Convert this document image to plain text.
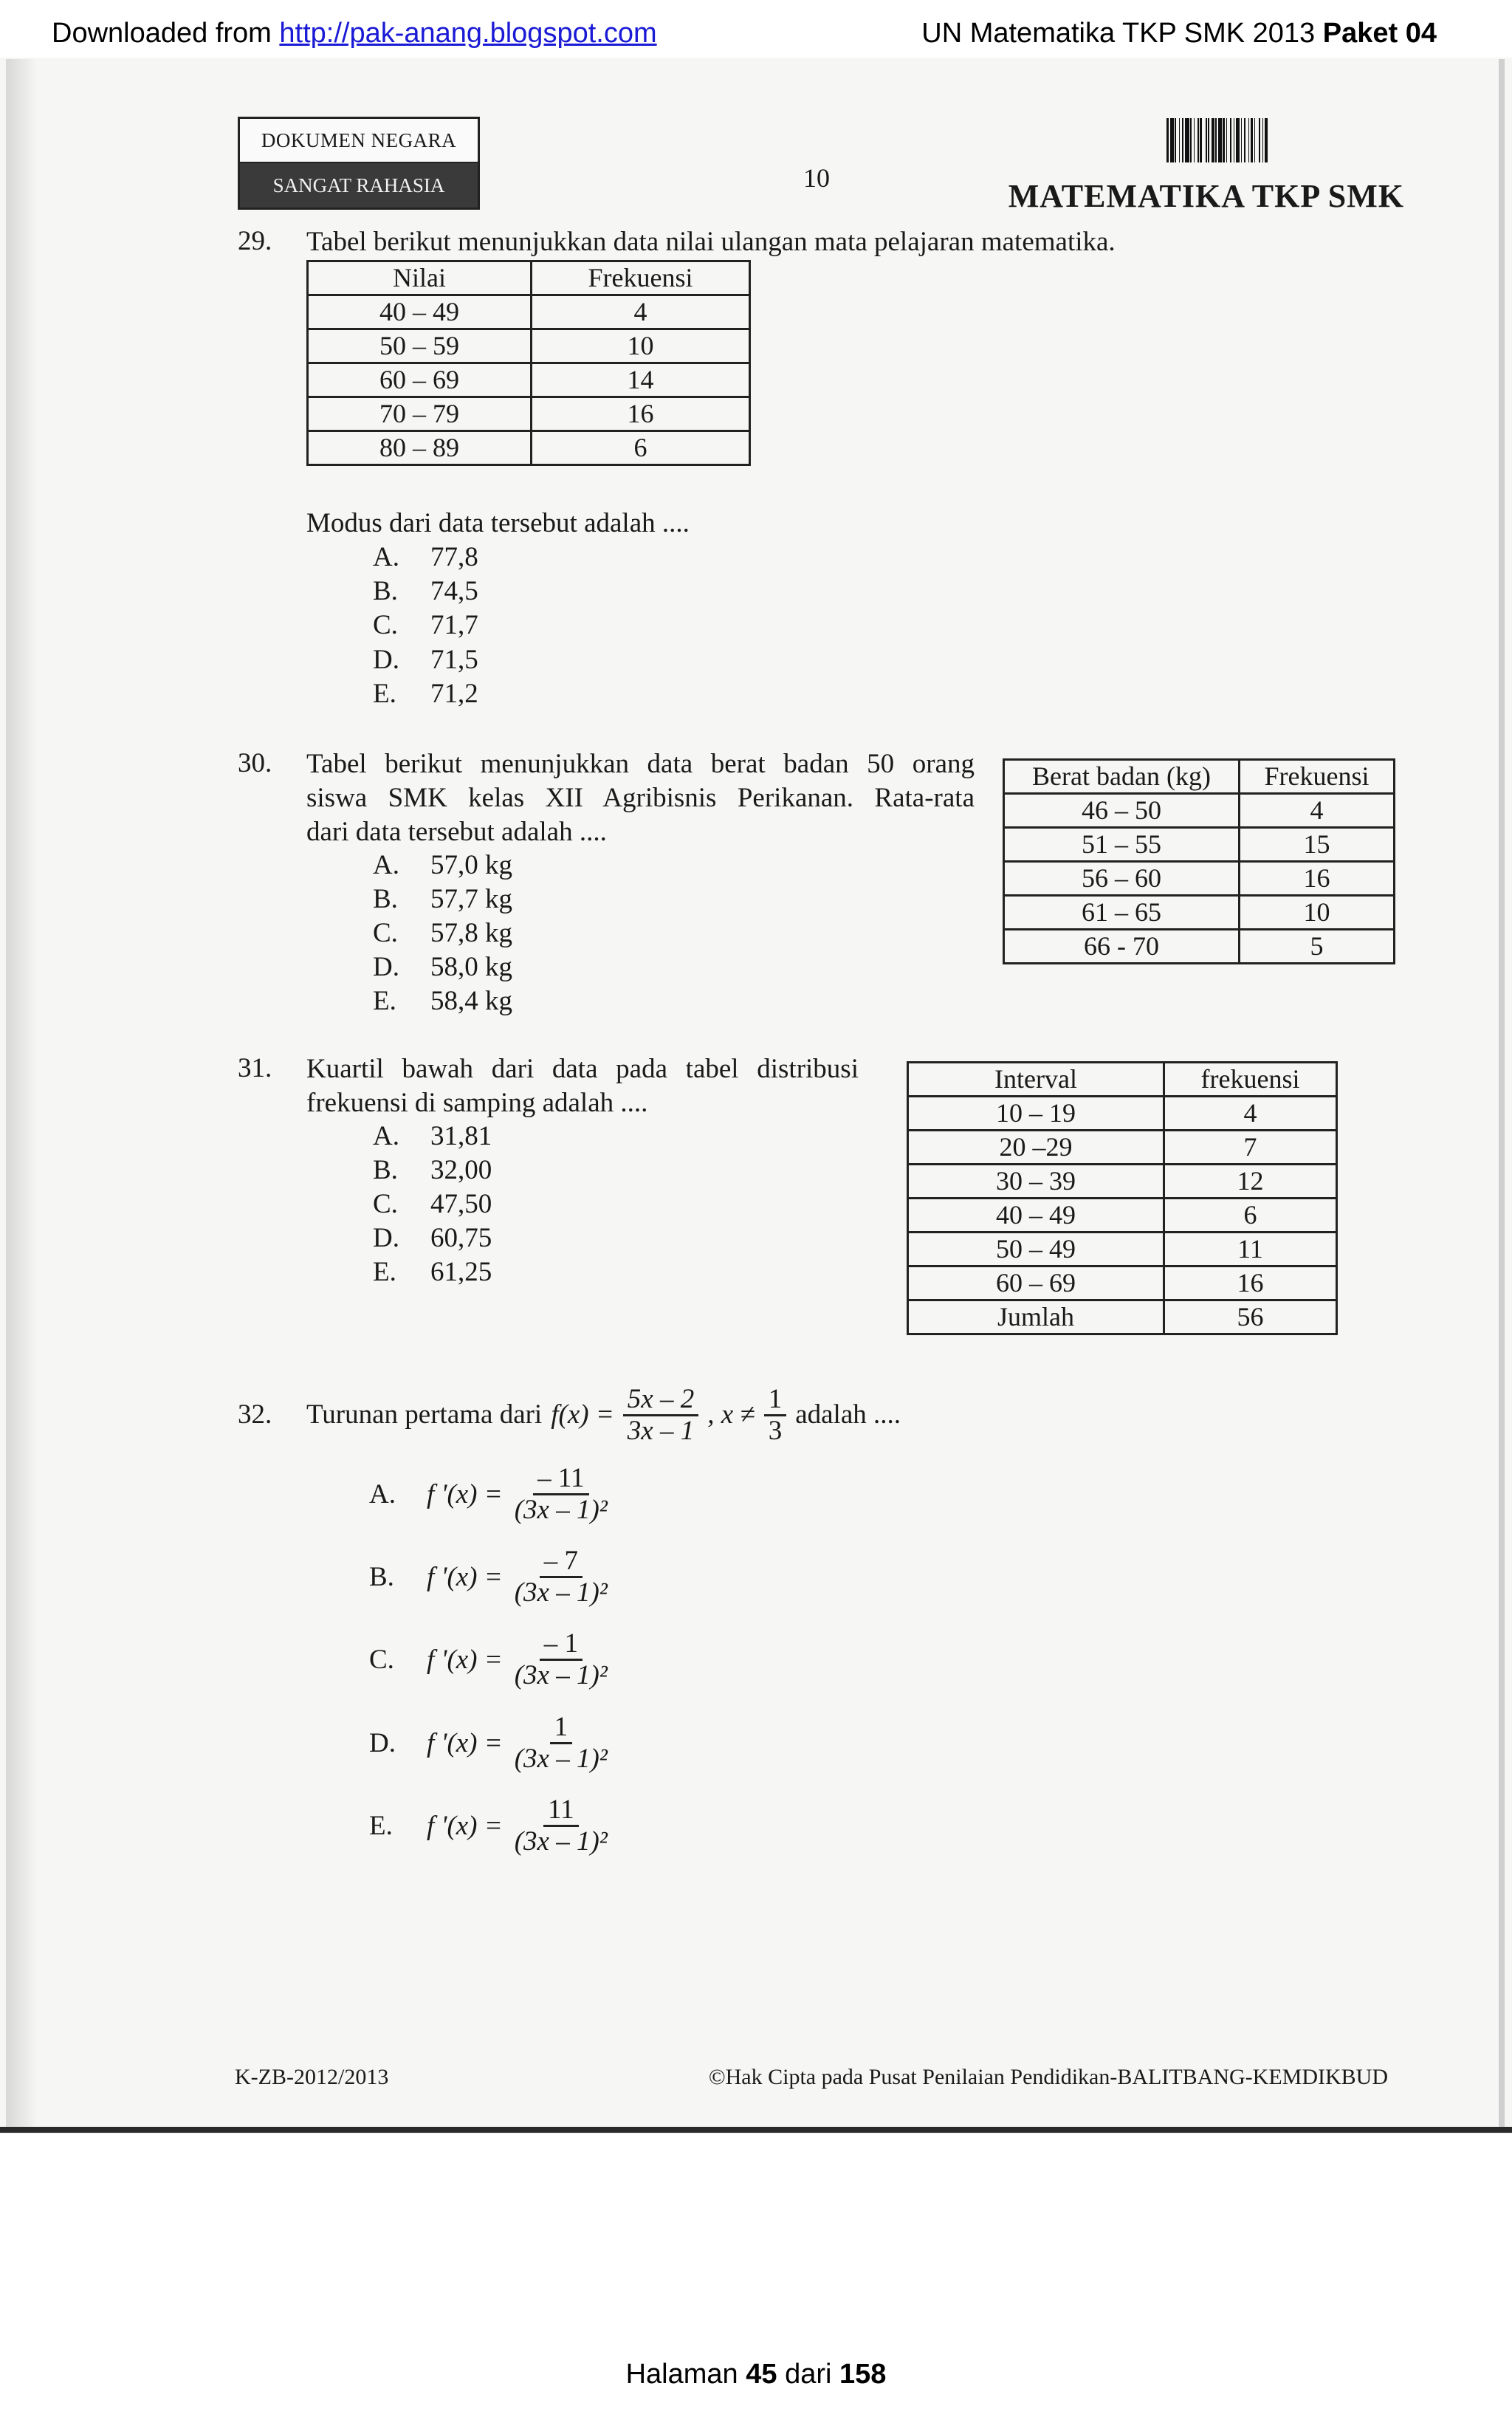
Downloaded from http://pak-anang.blogspot.com	UN Matematika TKP SMK 2013 Paket 04
DOKUMEN NEGARA
SANGAT RAHASIA	10	MATEMATIKA TKP SMK
29. Tabel berikut menunjukkan data nilai ulangan mata pelajaran matematika.
Nilai	Frekuensi
40 – 49	4
50 – 59	10
60 – 69	14
70 – 79	16
80 – 89	6
Modus dari data tersebut adalah ....
A. 77,8
B. 74,5
C. 71,7
D. 71,5
E. 71,2
30. Tabel berikut menunjukkan data berat badan 50 orang
siswa SMK kelas XII Agribisnis Perikanan. Rata-rata
dari data tersebut adalah ....
Berat badan (kg)	Frekuensi
46 – 50	4
51 – 55	15
56 – 60	16
61 – 65	10
66 - 70	5
A. 57,0 kg
B. 57,7 kg
C. 57,8 kg
D. 58,0 kg
E. 58,4 kg
31. Kuartil bawah dari data pada tabel distribusi
frekuensi di samping adalah ....
Interval	frekuensi
10 – 19	4
20 –29	7
30 – 39	12
40 – 49	6
50 – 49	11
60 – 69	16
Jumlah	56
A. 31,81
B. 32,00
C. 47,50
D. 60,75
E. 61,25
32. Turunan pertama dari $f(x) = \frac{5x - 2}{3x - 1}$ , $x \ne \frac{1}{3}$ adalah ....
A.	f '$(x) = \frac{- 11}{\text{(3x – 1)²}}$
B.	f '$(x) = \frac{- 7}{\text{(3x – 1)²}}$
C.	f '$(x) = \frac{- 1}{\text{(3x – 1)²}}$
D.	f '$(x) = \frac{1}{\text{(3x – 1)²}}$
E.	f '$(x) = \frac{11}{\text{(3x – 1)²}}$
K-ZB-2012/2013	©Hak Cipta pada Pusat Penilaian Pendidikan-BALITBANG-KEMDIKBUD
Halaman 45 dari 158
